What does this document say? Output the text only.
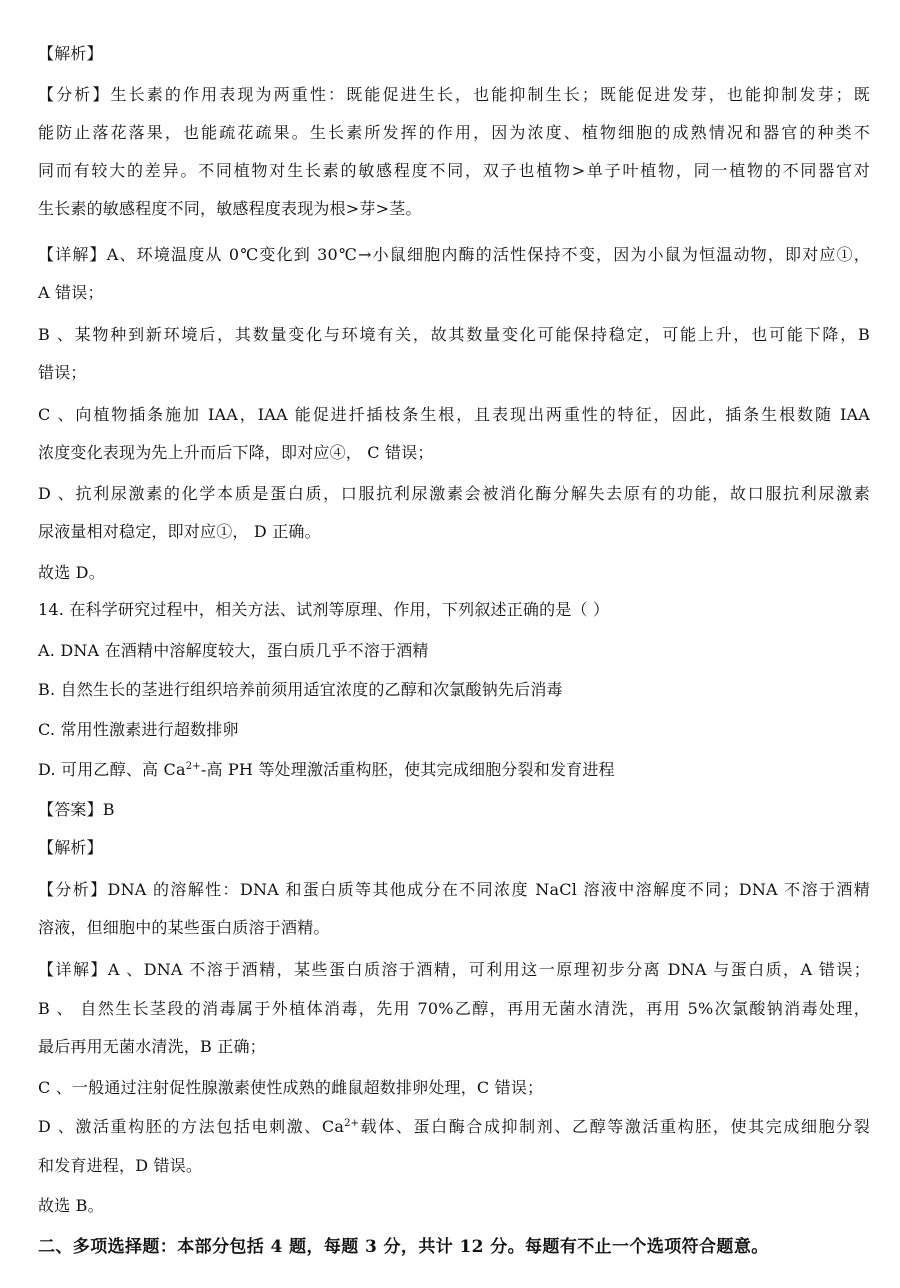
【解析】
【分析】生长素的作用表现为两重性：既能促进生长，也能抑制生长；既能促进发芽，也能抑制发芽；既
能防止落花落果，也能疏花疏果。生长素所发挥的作用，因为浓度、植物细胞的成熟情况和器官的种类不
同而有较大的差异。不同植物对生长素的敏感程度不同，双子也植物>单子叶植物，同一植物的不同器官对
生长素的敏感程度不同，敏感程度表现为根>芽>茎。
【详解】A、环境温度从 0℃变化到 30℃→小鼠细胞内酶的活性保持不变，因为小鼠为恒温动物，即对应①，
A 错误；
B 、某物种到新环境后，其数量变化与环境有关，故其数量变化可能保持稳定，可能上升，也可能下降，B
错误；
C 、向植物插条施加 IAA，IAA 能促进扦插枝条生根，且表现出两重性的特征，因此，插条生根数随 IAA
浓度变化表现为先上升而后下降，即对应④， C 错误；
D 、抗利尿激素的化学本质是蛋白质，口服抗利尿激素会被消化酶分解失去原有的功能，故口服抗利尿激素
尿液量相对稳定，即对应①， D 正确。
故选 D。
14. 在科学研究过程中，相关方法、试剂等原理、作用，下列叙述正确的是（ ）
A. DNA 在酒精中溶解度较大，蛋白质几乎不溶于酒精
B. 自然生长的茎进行组织培养前须用适宜浓度的乙醇和次氯酸钠先后消毒
C. 常用性激素进行超数排卵
D. 可用乙醇、高 $Ca^{2+}-$高 PH 等处理激活重构胚，使其完成细胞分裂和发育进程
【答案】B
【解析】
【分析】DNA 的溶解性：DNA 和蛋白质等其他成分在不同浓度 NaCl 溶液中溶解度不同；DNA 不溶于酒精
溶液，但细胞中的某些蛋白质溶于酒精。
【详解】A 、DNA 不溶于酒精，某些蛋白质溶于酒精，可利用这一原理初步分离 DNA 与蛋白质，A 错误；
B 、 自然生长茎段的消毒属于外植体消毒，先用 70%乙醇，再用无菌水清洗，再用 5%次氯酸钠消毒处理，
最后再用无菌水清洗，B 正确；
C 、一般通过注射促性腺激素使性成熟的雌鼠超数排卵处理，C 错误；
D 、激活重构胚的方法包括电刺激、$Ca^{2+}$载体、蛋白酶合成抑制剂、乙醇等激活重构胚，使其完成细胞分裂
和发育进程，D 错误。
故选 B。
二、多项选择题：本部分包括 4 题，每题 3 分，共计 12 分。每题有不止一个选项符合题意。
